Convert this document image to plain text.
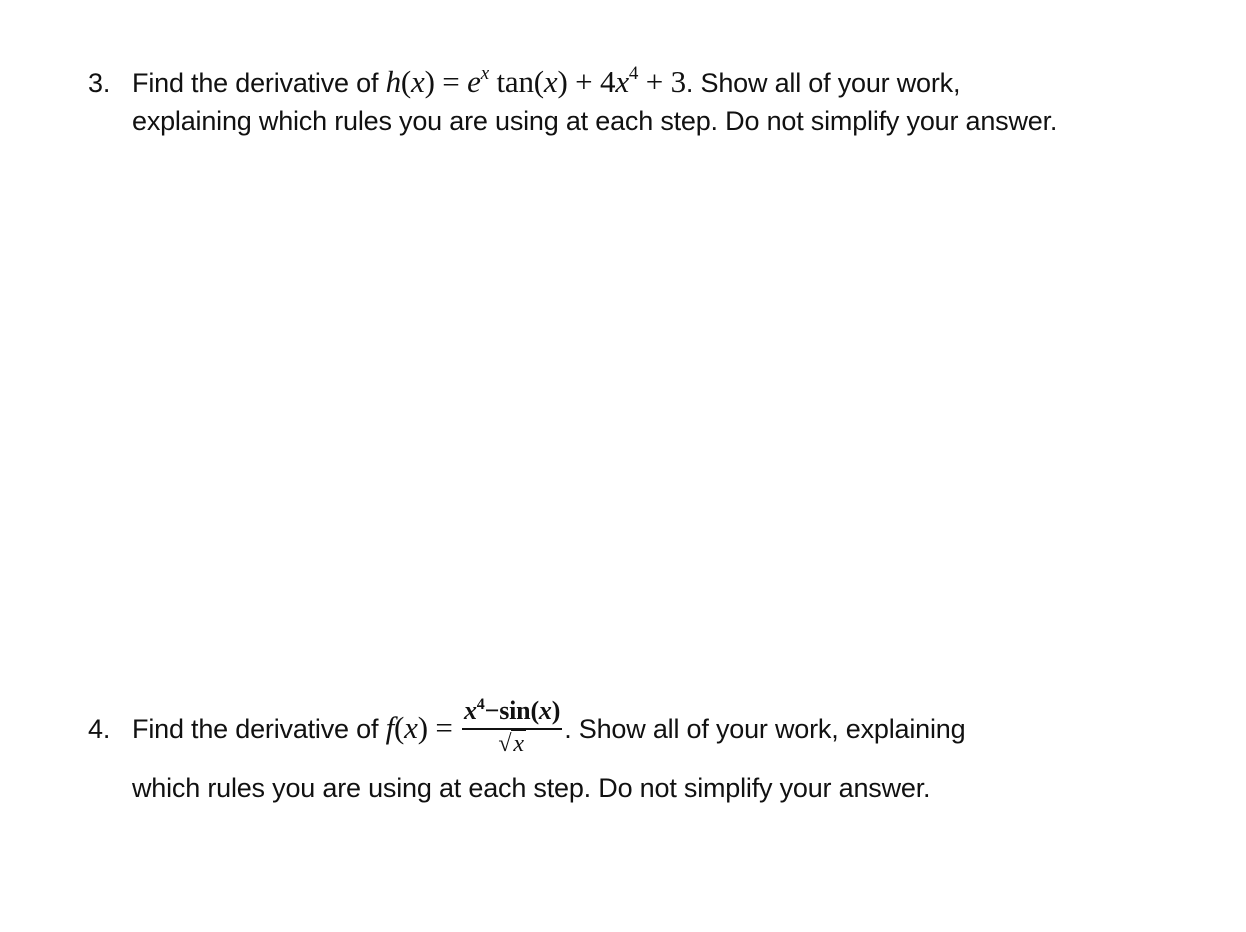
3. Find the derivative of $h(x) = e^x$ $\tan(x) + 4x^4 + 3$. Show all of your work,
explaining which rules you are using at each step. Do not simplify your answer.
4. Find the derivative of $f(x) = \frac{x^4-\sin(x)}{√x}$ . Show all of your work, explaining
which rules you are using at each step. Do not simplify your answer.
